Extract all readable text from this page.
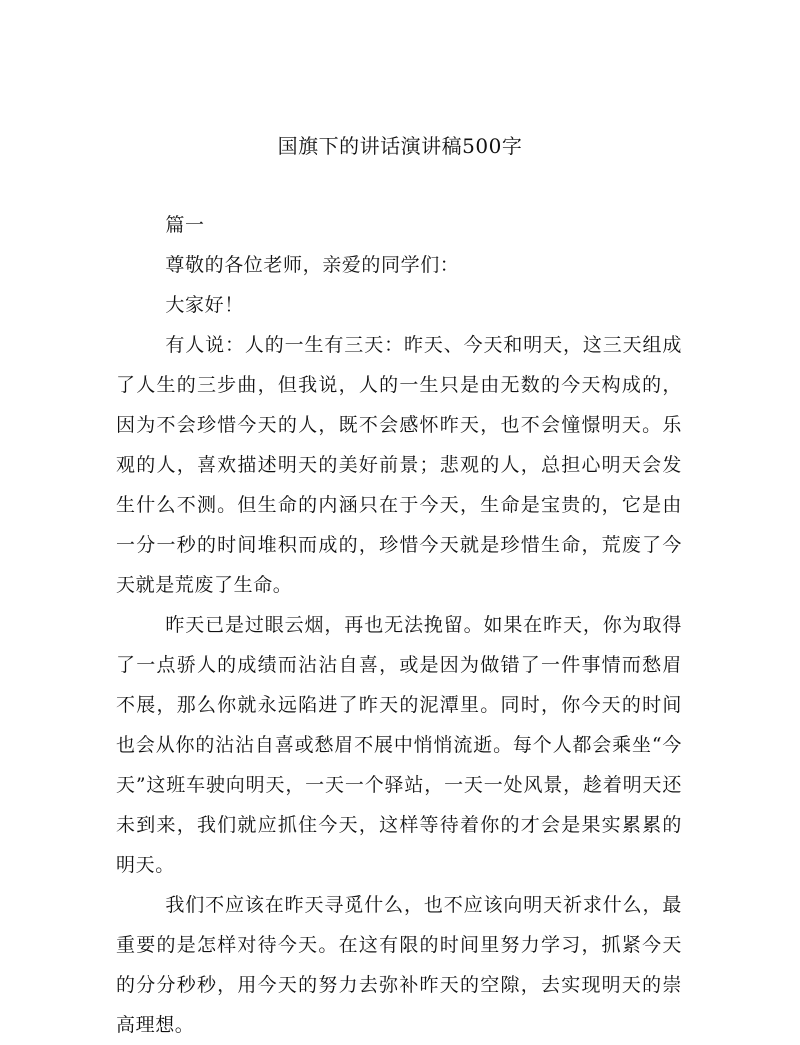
国旗下的讲话演讲稿500字

篇一

尊敬的各位老师，亲爱的同学们：

大家好！

有人说：人的一生有三天：昨天、今天和明天，这三天组成了人生的三步曲，但我说，人的一生只是由无数的今天构成的，因为不会珍惜今天的人，既不会感怀昨天，也不会憧憬明天。乐观的人，喜欢描述明天的美好前景；悲观的人，总担心明天会发生什么不测。但生命的内涵只在于今天，生命是宝贵的，它是由一分一秒的时间堆积而成的，珍惜今天就是珍惜生命，荒废了今天就是荒废了生命。

昨天已是过眼云烟，再也无法挽留。如果在昨天，你为取得了一点骄人的成绩而沾沾自喜，或是因为做错了一件事情而愁眉不展，那么你就永远陷进了昨天的泥潭里。同时，你今天的时间也会从你的沾沾自喜或愁眉不展中悄悄流逝。每个人都会乘坐“今天”这班车驶向明天，一天一个驿站，一天一处风景，趁着明天还未到来，我们就应抓住今天，这样等待着你的才会是果实累累的明天。

我们不应该在昨天寻觅什么，也不应该向明天祈求什么，最重要的是怎样对待今天。在这有限的时间里努力学习，抓紧今天的分分秒秒，用今天的努力去弥补昨天的空隙，去实现明天的崇高理想。
